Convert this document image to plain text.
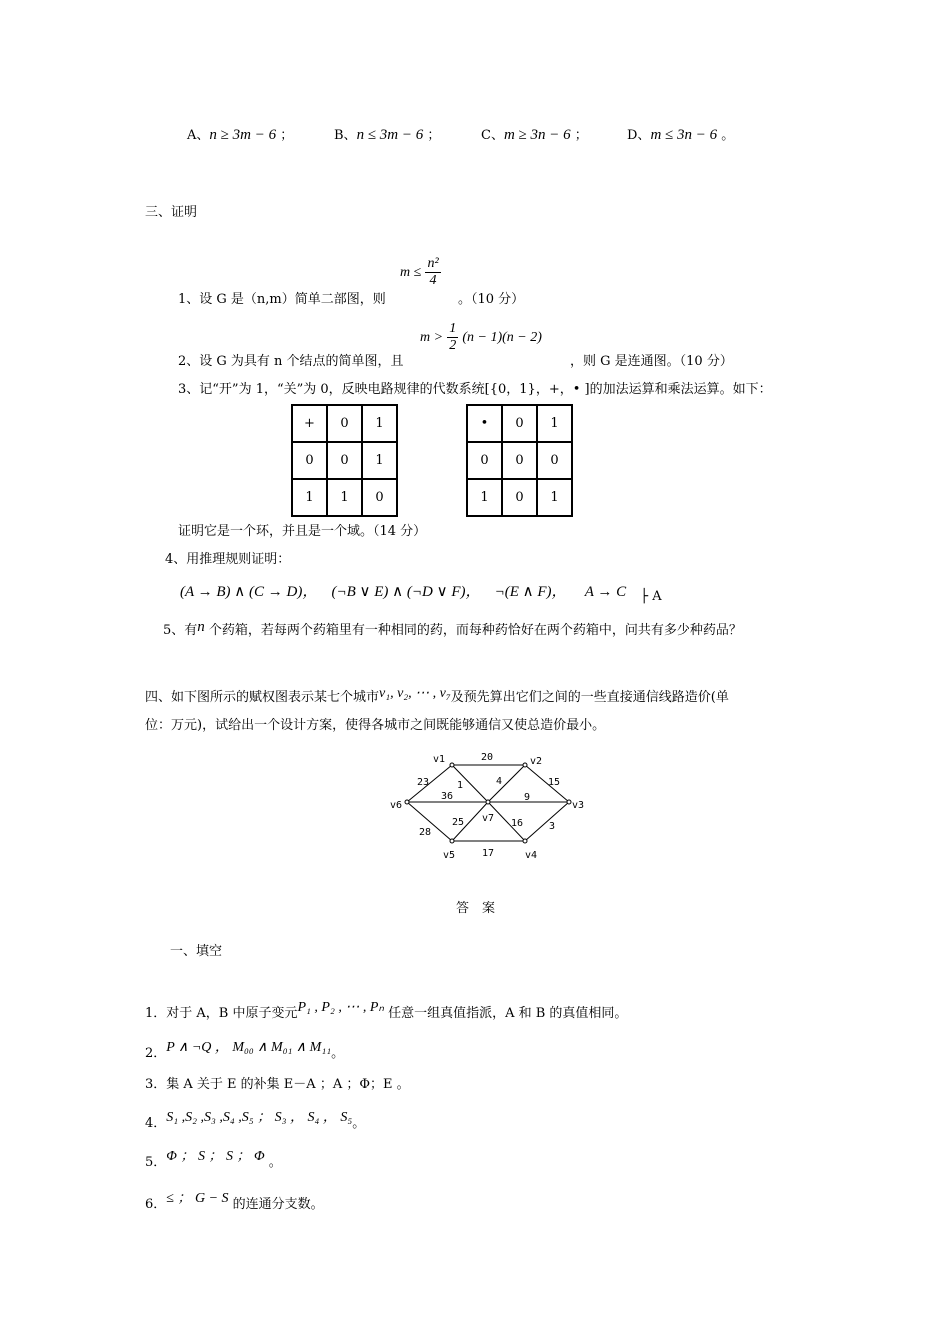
A、n ≥ 3m − 6 ；	B、n ≤ 3m − 6 ；	C、m ≥ 3n − 6 ；	D、m ≤ 3n − 6 。
三、证明
1、设 G 是（n,m）简单二部图，则
$m \le \frac{\text{n²}}{4}$
。（10 分）
2、设 G 为具有 n 个结点的简单图，且
$m > \frac{1}{2} (n - 1)(n - 2)$
，则 G 是连通图。（10 分）
3、记“开”为 1，“关”为 0，反映电路规律的代数系统[{0，1}，+，• ]的加法运算和乘法运算。如下：
+	0	1
0	0	1
1	1	0
•	0	1
0	0	0
1	0	1
证明它是一个环，并且是一个域。（14 分）
4、用推理规则证明：
(A → B) ∧ (C → D)， (¬B ∨ E) ∧ (¬D ∨ F)， ¬(E ∧ F)， A → C ├ A
5、有n 个药箱，若每两个药箱里有一种相同的药，而每种药恰好在两个药箱中，问共有多少种药品？
四、如下图所示的赋权图表示某七个城市v₁, v₂, ⋯ , v₇及预先算出它们之间的一些直接通信线路造价(单
位：万元)，试给出一个设计方案，使得各城市之间既能够通信又使总造价最小。
v1	v2
v3
v4
v5
v6
v7
20
23	15
1	4
36	9
25	16	3
28
17
答　案
一、填空
1．对于 A，B 中原子变元P₁ , P₂ , ⋯ , Pₙ 任意一组真值指派，A 和 B 的真值相同。
2．P ∧ ¬Q ， M₀₀ ∧ M₀₁ ∧ M₁₁。
3．集 A 关于 E 的补集 E－A ；A ；Φ；E 。
4．S₁ ,S₂ ,S₃ ,S₄ ,S₅ ； S₃ ， S₄ ， S₅。
5．Φ ； S ； S ； Φ 。
6．≤ ； G − S 的连通分支数。
